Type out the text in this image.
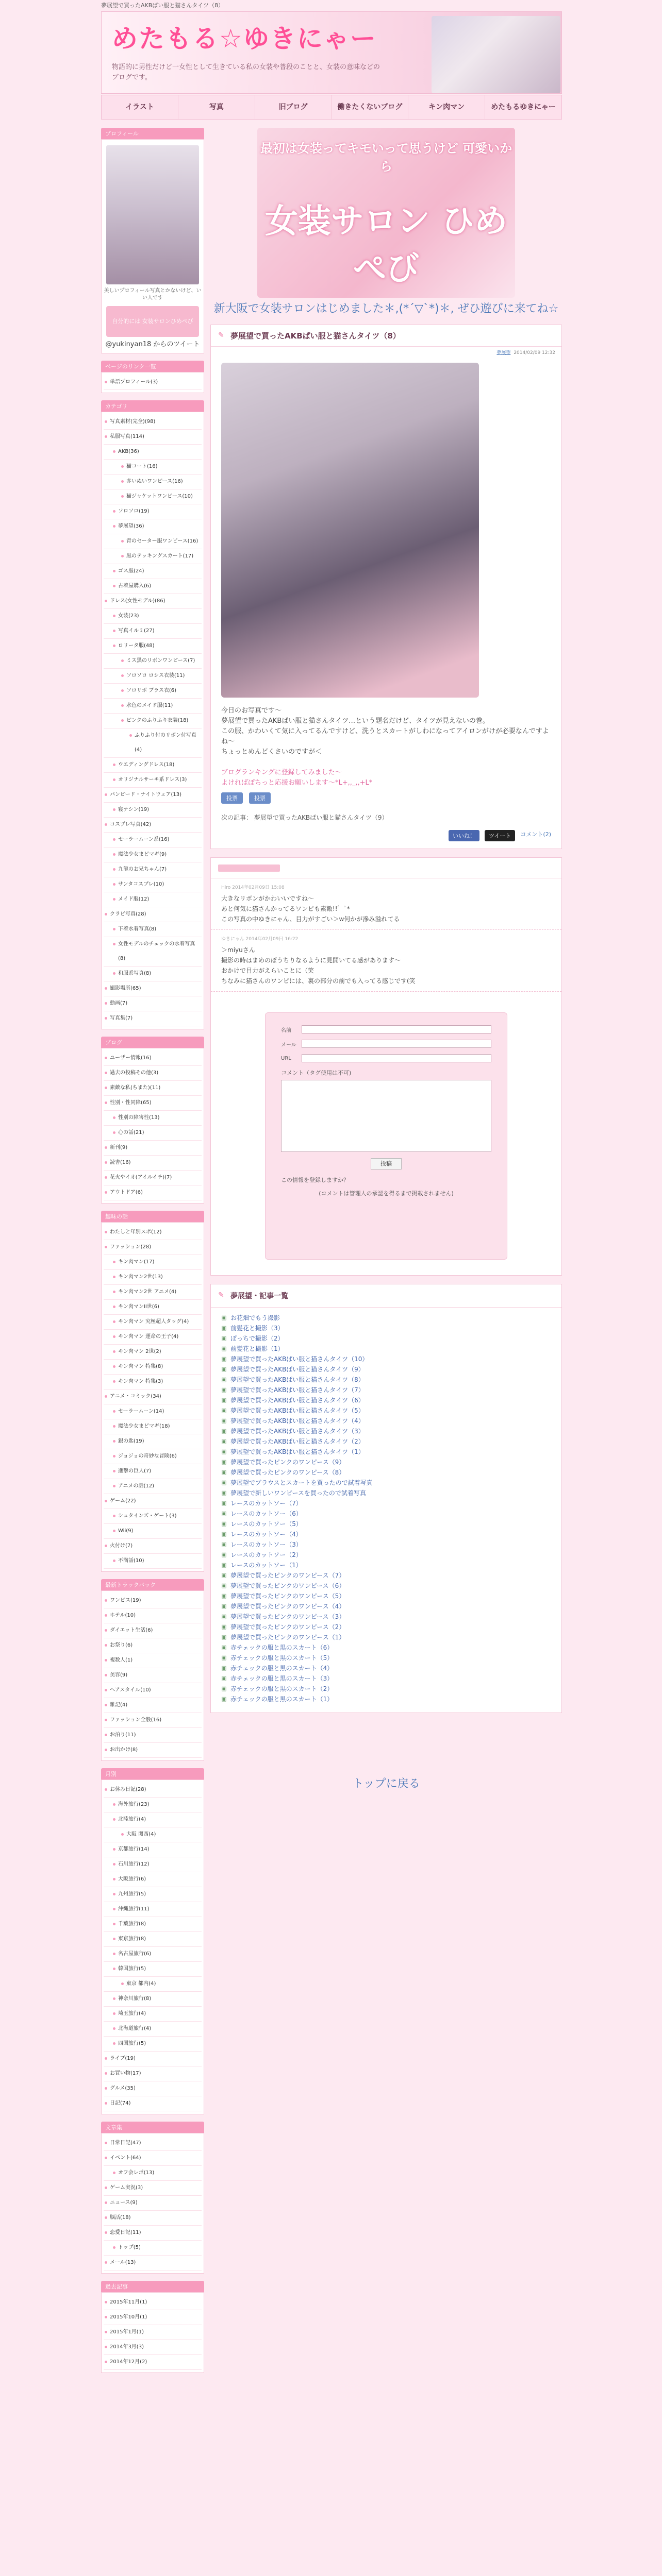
夢展望で買ったAKBぱい服と猫さんタイツ（8）
めたもる☆ゆきにゃー
物語的に男性だけど一女性として生きている私の女装や普段のことと、女装の意味などのブログです。
イラスト	写真	旧ブログ	働きたくないブログ	キン肉マン	めたもるゆきにゃー
プロフィール
美しいプロフィール写真とかないけど、いい人です
自分的には 女装サロンひめぺび
@yukinyan18 からのツイート
ページのリンク一覧
単語プロフィール(3)
カテゴリ
写真素材(完全)(98)
私服写真(114)
AKB(36)
猫コート(16)
赤いぬいワンピース(16)
猫ジャケットワンピース(10)
ソロソロ(19)
夢展望(36)
青のセーター服ワンピース(16)
黒のテッキングスカート(17)
ゴス服(24)
古着屋購入(6)
ドレス(女性モデル)(86)
女装(23)
写真イルミ(27)
ロリータ服(48)
ミス黒のリボンワンピース(7)
ソロソロ ロシス衣装(11)
ソロリボ ブラス衣(6)
水色のメイド服(11)
ピンクのふりふり衣装(18)
ふりふり付のリボン付写真(4)
ウエディングドレス(18)
オリジナルサーキ系ドレス(3)
パンピード・ナイトウェア(13)
寝ナシン(19)
コスプレ写真(42)
セーラームーン系(16)
魔法少女まどマギ(9)
九龍のお兄ちゃん(7)
サンタコスプレ(10)
メイド服(12)
クラビ写真(28)
下着水着写真(8)
女性モデルのチェックの水着写真(8)
和服系写真(8)
撮影場所(65)
動画(7)
写真集(7)
ブログ
ユーザー情報(16)
過去の投稿その他(3)
素敵な私(ちまた)(11)
性別・性同障(65)
性別の障害性(13)
心の話(21)
新刊(9)
読書(16)
花火やイオ(アイルイチ)(7)
アウトドア(6)
趣味の話
わたしと年別スポ(12)
ファッション(28)
キン肉マン(17)
キン肉マン2世(13)
キン肉マン2世 アニメ(4)
キン肉マンII世(6)
キン肉マン 究極超人タッグ(4)
キン肉マン 運命の王子(4)
キン肉マン 2世(2)
キン肉マン 特集(8)
キン肉マン 特集(3)
アニメ・コミック(34)
セーラームーン(14)
魔法少女まどマギ(18)
銀の匙(19)
ジョジョの奇妙な冒険(6)
進撃の巨人(7)
アニメの話(12)
ゲーム(22)
シュタインズ・ゲート(3)
Wii(9)
火付け(7)
不満話(10)
最新トラックバック
ワンピス(19)
ホテル(10)
ダイエット生活(6)
お祭り(6)
複数人(1)
美容(9)
ヘアスタイル(10)
雑記(4)
ファッション全般(16)
お泊り(11)
お出かけ(8)
月別
お休み日記(28)
海外旅行(23)
北陸旅行(4)
大阪 関西(4)
京都旅行(14)
石川旅行(12)
大阪旅行(6)
九州旅行(5)
沖縄旅行(11)
千葉旅行(8)
東京旅行(8)
名古屋旅行(6)
韓国旅行(5)
東京 都内(4)
神奈川旅行(8)
埼玉旅行(4)
北海道旅行(4)
四国旅行(5)
ライブ(19)
お買い物(17)
グルメ(35)
日記(74)
文章集
日常日記(47)
イベント(64)
オフ会レポ(13)
ゲーム実況(3)
ニュース(9)
脳活(18)
恋愛日記(11)
トップ(5)
メール(13)
過去記事
2015年11月(1)
2015年10月(1)
2015年1月(1)
2014年3月(3)
2014年12月(2)
最初は女装ってキモいって思うけど 可愛いから
女装サロン ひめぺび
新大阪で女装サロンはじめました＊,(*´▽`*)＊, ぜひ遊びに来てね☆
✎ 夢展望で買ったAKBぱい服と猫さんタイツ（8）
夢展望 2014/02/09 12:32

今日のお写真です～

夢展望で買ったAKBぱい服と猫さんタイツ…という題名だけど、タイツが見えないの巻。

この服、かわいくて気に入ってるんですけど、洗うとスカートがしわになってアイロンがけが必要なんですよね～

ちょっとめんどくさいのですが＜

ブログランキングに登録してみました～

よければぽちっと応援お願いします～*L+,,_,,+L*

投票	投票
次の記事： 夢展望で買ったAKBぱい服と猫さんタイツ（9）
いいね！	ツイート	コメント(2)
Hiro 2014年02月09日 15:08

大きなリボンがかわいいですね〜

あと何気に猫さんかってるワンピも素敵!!゜ﾟ*

この写真の中ゆきにゃん、目力がすごい＞w何かが滲み溢れてる

ゆきにゃん 2014年02月09日 16:22

＞miyuさん

撮影の時はまめのぼうちりなるように見開いてる感があります〜

おかけで目力がえらいことに（笑

ちなみに猫さんのワンピには、裏の部分の前でも入ってる感じです(笑

名前
メール
URL
コメント（タグ使用は不可)
投稿
この情報を登録しますか？
(コメントは管理人の承認を得るまで掲載されません)
✎ 夢展望・記事一覧
▣ お花畑でもう撮影
▣ 前髪花と撮影（3）
▣ ぽっちで撮影（2）
▣ 前髪花と撮影（1）
▣ 夢展望で買ったAKBぱい服と猫さんタイツ（10）
▣ 夢展望で買ったAKBぱい服と猫さんタイツ（9）
▣ 夢展望で買ったAKBぱい服と猫さんタイツ（8）
▣ 夢展望で買ったAKBぱい服と猫さんタイツ（7）
▣ 夢展望で買ったAKBぱい服と猫さんタイツ（6）
▣ 夢展望で買ったAKBぱい服と猫さんタイツ（5）
▣ 夢展望で買ったAKBぱい服と猫さんタイツ（4）
▣ 夢展望で買ったAKBぱい服と猫さんタイツ（3）
▣ 夢展望で買ったAKBぱい服と猫さんタイツ（2）
▣ 夢展望で買ったAKBぱい服と猫さんタイツ（1）
▣ 夢展望で買ったピンクのワンピース（9）
▣ 夢展望で買ったピンクのワンピース（8）
▣ 夢展望でブラウスとスカートを買ったので試着写真
▣ 夢展望で新しいワンピースを買ったので試着写真
▣ レースのカットソー（7）
▣ レースのカットソー（6）
▣ レースのカットソー（5）
▣ レースのカットソー（4）
▣ レースのカットソー（3）
▣ レースのカットソー（2）
▣ レースのカットソー（1）
▣ 夢展望で買ったピンクのワンピース（7）
▣ 夢展望で買ったピンクのワンピース（6）
▣ 夢展望で買ったピンクのワンピース（5）
▣ 夢展望で買ったピンクのワンピース（4）
▣ 夢展望で買ったピンクのワンピース（3）
▣ 夢展望で買ったピンクのワンピース（2）
▣ 夢展望で買ったピンクのワンピース（1）
▣ 赤チェックの服と黒のスカート（6）
▣ 赤チェックの服と黒のスカート（5）
▣ 赤チェックの服と黒のスカート（4）
▣ 赤チェックの服と黒のスカート（3）
▣ 赤チェックの服と黒のスカート（2）
▣ 赤チェックの服と黒のスカート（1）
トップに戻る
